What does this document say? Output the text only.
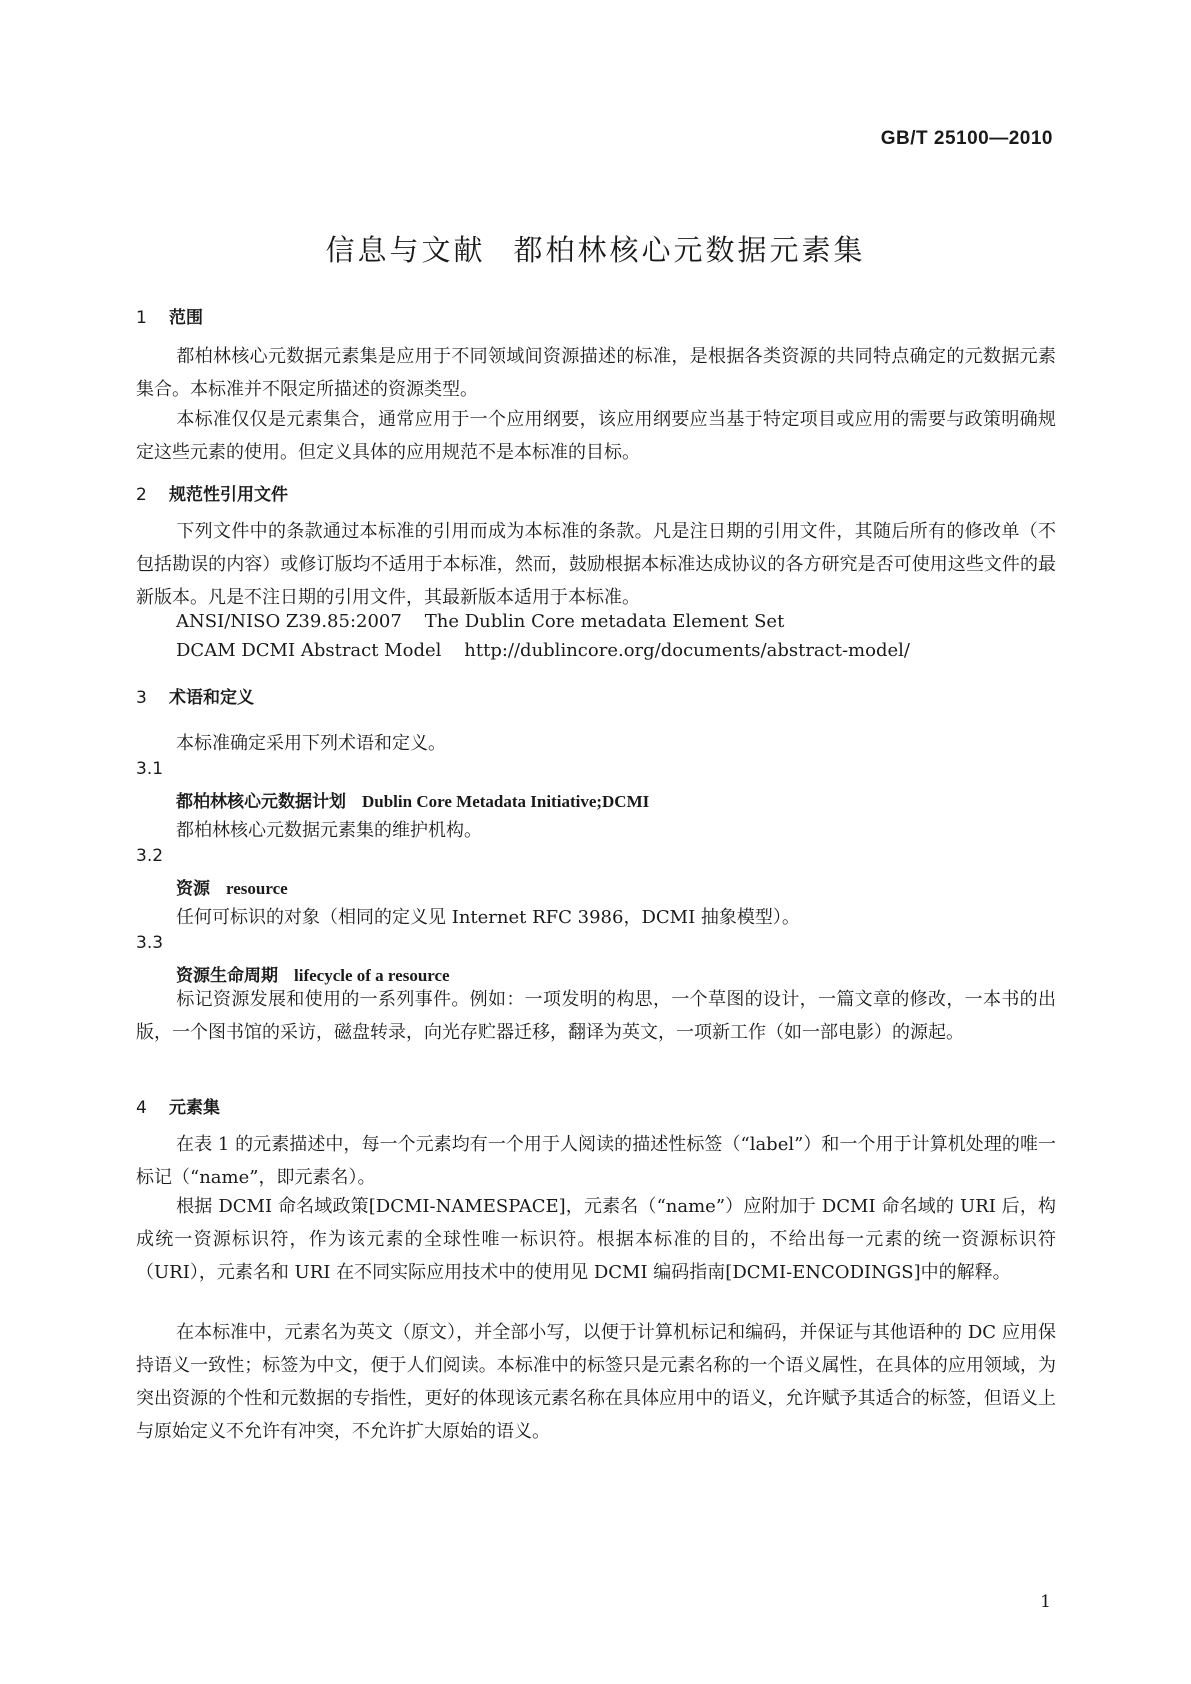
GB/T 25100—2010
信息与文献 都柏林核心元数据元素集
1 范围
都柏林核心元数据元素集是应用于不同领域间资源描述的标准，是根据各类资源的共同特点确定的元数据元素集合。本标准并不限定所描述的资源类型。
本标准仅仅是元素集合，通常应用于一个应用纲要，该应用纲要应当基于特定项目或应用的需要与政策明确规定这些元素的使用。但定义具体的应用规范不是本标准的目标。
2 规范性引用文件
下列文件中的条款通过本标准的引用而成为本标准的条款。凡是注日期的引用文件，其随后所有的修改单（不包括勘误的内容）或修订版均不适用于本标准，然而，鼓励根据本标准达成协议的各方研究是否可使用这些文件的最新版本。凡是不注日期的引用文件，其最新版本适用于本标准。
ANSI/NISO Z39.85:2007    The Dublin Core metadata Element Set
DCAM DCMI Abstract Model    http://dublincore.org/documents/abstract-model/
3 术语和定义
本标准确定采用下列术语和定义。
3.1
都柏林核心元数据计划 Dublin Core Metadata Initiative;DCMI
都柏林核心元数据元素集的维护机构。
3.2
资源 resource
任何可标识的对象（相同的定义见 Internet RFC 3986，DCMI 抽象模型）。
3.3
资源生命周期 lifecycle of a resource
标记资源发展和使用的一系列事件。例如：一项发明的构思，一个草图的设计，一篇文章的修改，一本书的出版，一个图书馆的采访，磁盘转录，向光存贮器迁移，翻译为英文，一项新工作（如一部电影）的源起。
4 元素集
在表 1 的元素描述中，每一个元素均有一个用于人阅读的描述性标签（“label”）和一个用于计算机处理的唯一标记（“name”，即元素名）。
根据 DCMI 命名域政策[DCMI-NAMESPACE]，元素名（“name”）应附加于 DCMI 命名域的 URI 后，构成统一资源标识符，作为该元素的全球性唯一标识符。根据本标准的目的，不给出每一元素的统一资源标识符（URI），元素名和 URI 在不同实际应用技术中的使用见 DCMI 编码指南[DCMI-ENCODINGS]中的解释。
在本标准中，元素名为英文（原文），并全部小写，以便于计算机标记和编码，并保证与其他语种的 DC 应用保持语义一致性；标签为中文，便于人们阅读。本标准中的标签只是元素名称的一个语义属性，在具体的应用领域，为突出资源的个性和元数据的专指性，更好的体现该元素名称在具体应用中的语义，允许赋予其适合的标签，但语义上与原始定义不允许有冲突，不允许扩大原始的语义。
1
